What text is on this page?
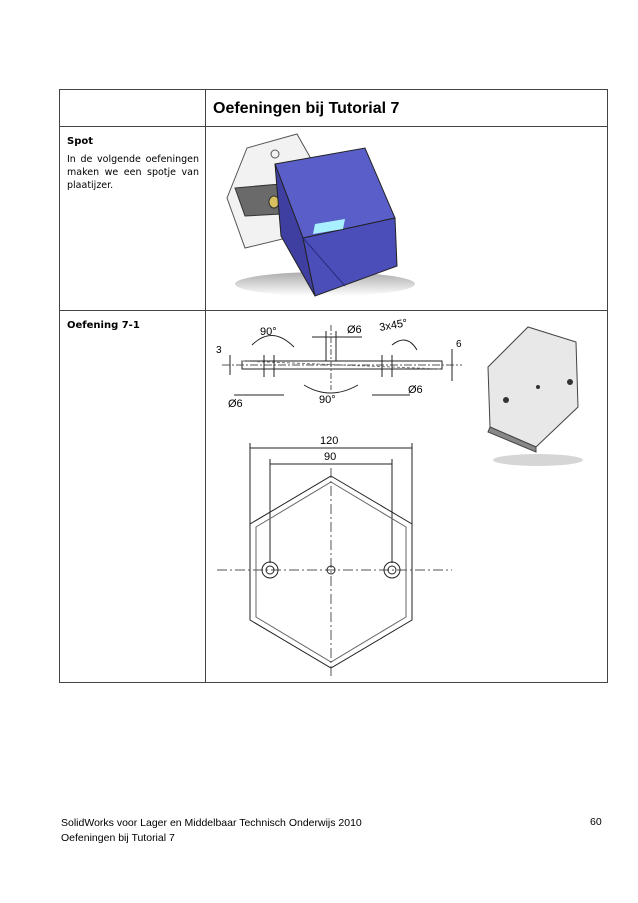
Oefeningen bij Tutorial 7
Spot
In de volgende oefeningen maken we een spotje van plaatijzer.
Oefening 7-1
90°	Ø6 3x45°
3
6
Ø6	90°
Ø6
120
90
SolidWorks voor Lager en Middelbaar Technisch Onderwijs 2010
Oefeningen bij Tutorial 7
60
